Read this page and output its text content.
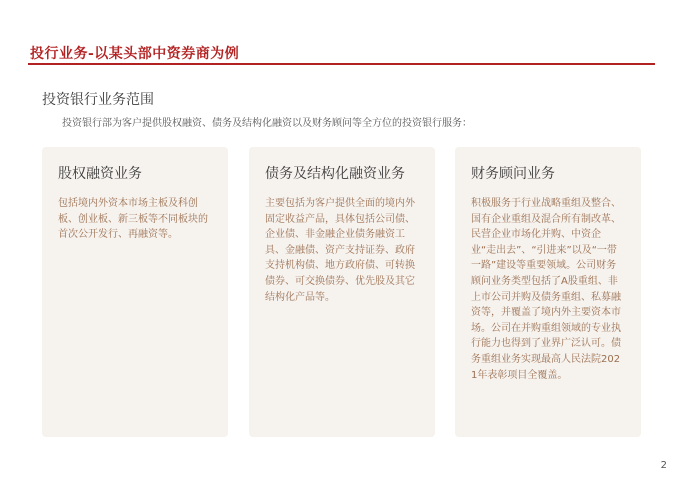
投行业务-以某头部中资券商为例
投资银行业务范围
投资银行部为客户提供股权融资、债务及结构化融资以及财务顾问等全方位的投资银行服务：
股权融资业务
包括境内外资本市场主板及科创板、创业板、新三板等不同板块的首次公开发行、再融资等。
债务及结构化融资业务
主要包括为客户提供全面的境内外固定收益产品，具体包括公司债、企业债、非金融企业债务融资工具、金融债、资产支持证券、政府支持机构债、地方政府债、可转换债券、可交换债券、优先股及其它结构化产品等。
财务顾问业务
积极服务于行业战略重组及整合、国有企业重组及混合所有制改革、民营企业市场化并购、中资企业“走出去”、“引进来”以及“一带一路”建设等重要领域。公司财务顾问业务类型包括了A股重组、非上市公司并购及债务重组、私募融资等，并覆盖了境内外主要资本市场。公司在并购重组领域的专业执行能力也得到了业界广泛认可。债务重组业务实现最高人民法院2021年表彰项目全覆盖。
2
